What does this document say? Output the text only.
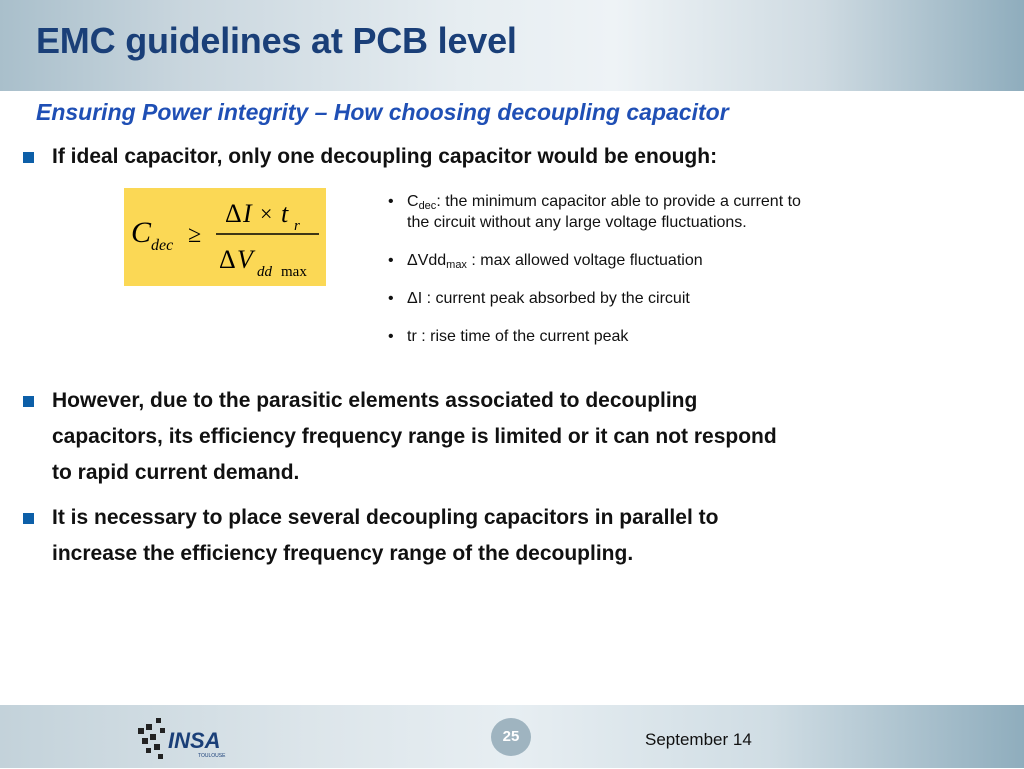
EMC guidelines at PCB level
Ensuring Power integrity – How choosing decoupling capacitor
If ideal capacitor, only one decoupling capacitor would be enough:
C dec ≥
Δ I × t r
Δ V dd max
• $C_{dec}$: the minimum capacitor able to provide a current to
the circuit without any large voltage fluctuations.
• ΔVdd$_{max}$ : max allowed voltage fluctuation
• ΔI : current peak absorbed by the circuit
• tr : rise time of the current peak
However, due to the parasitic elements associated to decoupling
capacitors, its efficiency frequency range is limited or it can not respond
to rapid current demand.
It is necessary to place several decoupling capacitors in parallel to
increase the efficiency frequency range of the decoupling.
INSA
TOULOUSE
25	September 14
